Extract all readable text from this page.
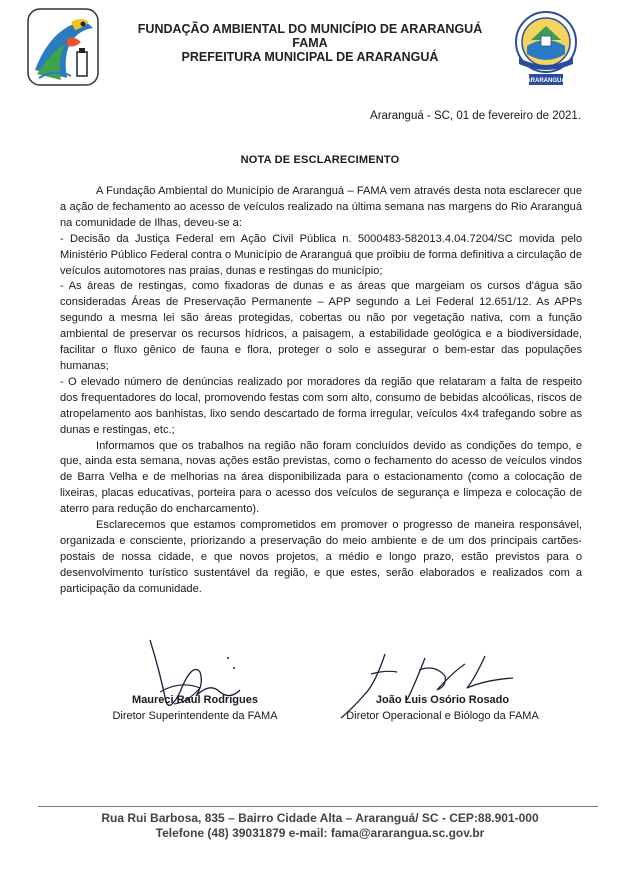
FUNDAÇÃO AMBIENTAL DO MUNICÍPIO DE ARARANGUÁ
FAMA
PREFEITURA MUNICIPAL DE ARARANGUÁ
ARARANGUÁ
Araranguá - SC, 01 de fevereiro de 2021.
NOTA DE ESCLARECIMENTO

A Fundação Ambiental do Município de Araranguá – FAMA vem através desta nota esclarecer que a ação de fechamento ao acesso de veículos realizado na última semana nas margens do Rio Araranguá na comunidade de Ilhas, deveu-se a:

- Decisão da Justiça Federal em Ação Civil Pública n. 5000483-582013.4.04.7204/SC movida pelo Ministério Público Federal contra o Município de Araranguá que proibiu de forma definitiva a circulação de veículos automotores nas praias, dunas e restingas do município;

- As áreas de restingas, como fixadoras de dunas e as áreas que margeiam os cursos d'água são consideradas Áreas de Preservação Permanente – APP segundo a Lei Federal 12.651/12. As APPs segundo a mesma lei são áreas protegidas, cobertas ou não por vegetação nativa, com a função ambiental de preservar os recursos hídricos, a paisagem, a estabilidade geológica e a biodiversidade, facilitar o fluxo gênico de fauna e flora, proteger o solo e assegurar o bem-estar das populações humanas;

- O elevado número de denúncias realizado por moradores da região que relataram a falta de respeito dos frequentadores do local, promovendo festas com som alto, consumo de bebidas alcoólicas, riscos de atropelamento aos banhistas, lixo sendo descartado de forma irregular, veículos 4x4 trafegando sobre as dunas e restingas, etc.;

Informamos que os trabalhos na região não foram concluídos devido as condições do tempo, e que, ainda esta semana, novas ações estão previstas, como o fechamento do acesso de veículos vindos de Barra Velha e de melhorias na área disponibilizada para o estacionamento (como a colocação de lixeiras, placas educativas, porteira para o acesso dos veículos de segurança e limpeza e colocação de aterro para redução do encharcamento).

Esclarecemos que estamos comprometidos em promover o progresso de maneira responsável, organizada e consciente, priorizando a preservação do meio ambiente e de um dos principais cartões-postais de nossa cidade, e que novos projetos, a médio e longo prazo, estão previstos para o desenvolvimento turístico sustentável da região, e que estes, serão elaborados e realizados com a participação da comunidade.

Maureci Raul Rodrigues
Diretor Superintendente da FAMA
João Luis Osório Rosado
Diretor Operacional e Biólogo da FAMA
Rua Rui Barbosa, 835 – Bairro Cidade Alta – Araranguá/ SC - CEP:88.901-000
Telefone (48) 39031879 e-mail: fama@ararangua.sc.gov.br
